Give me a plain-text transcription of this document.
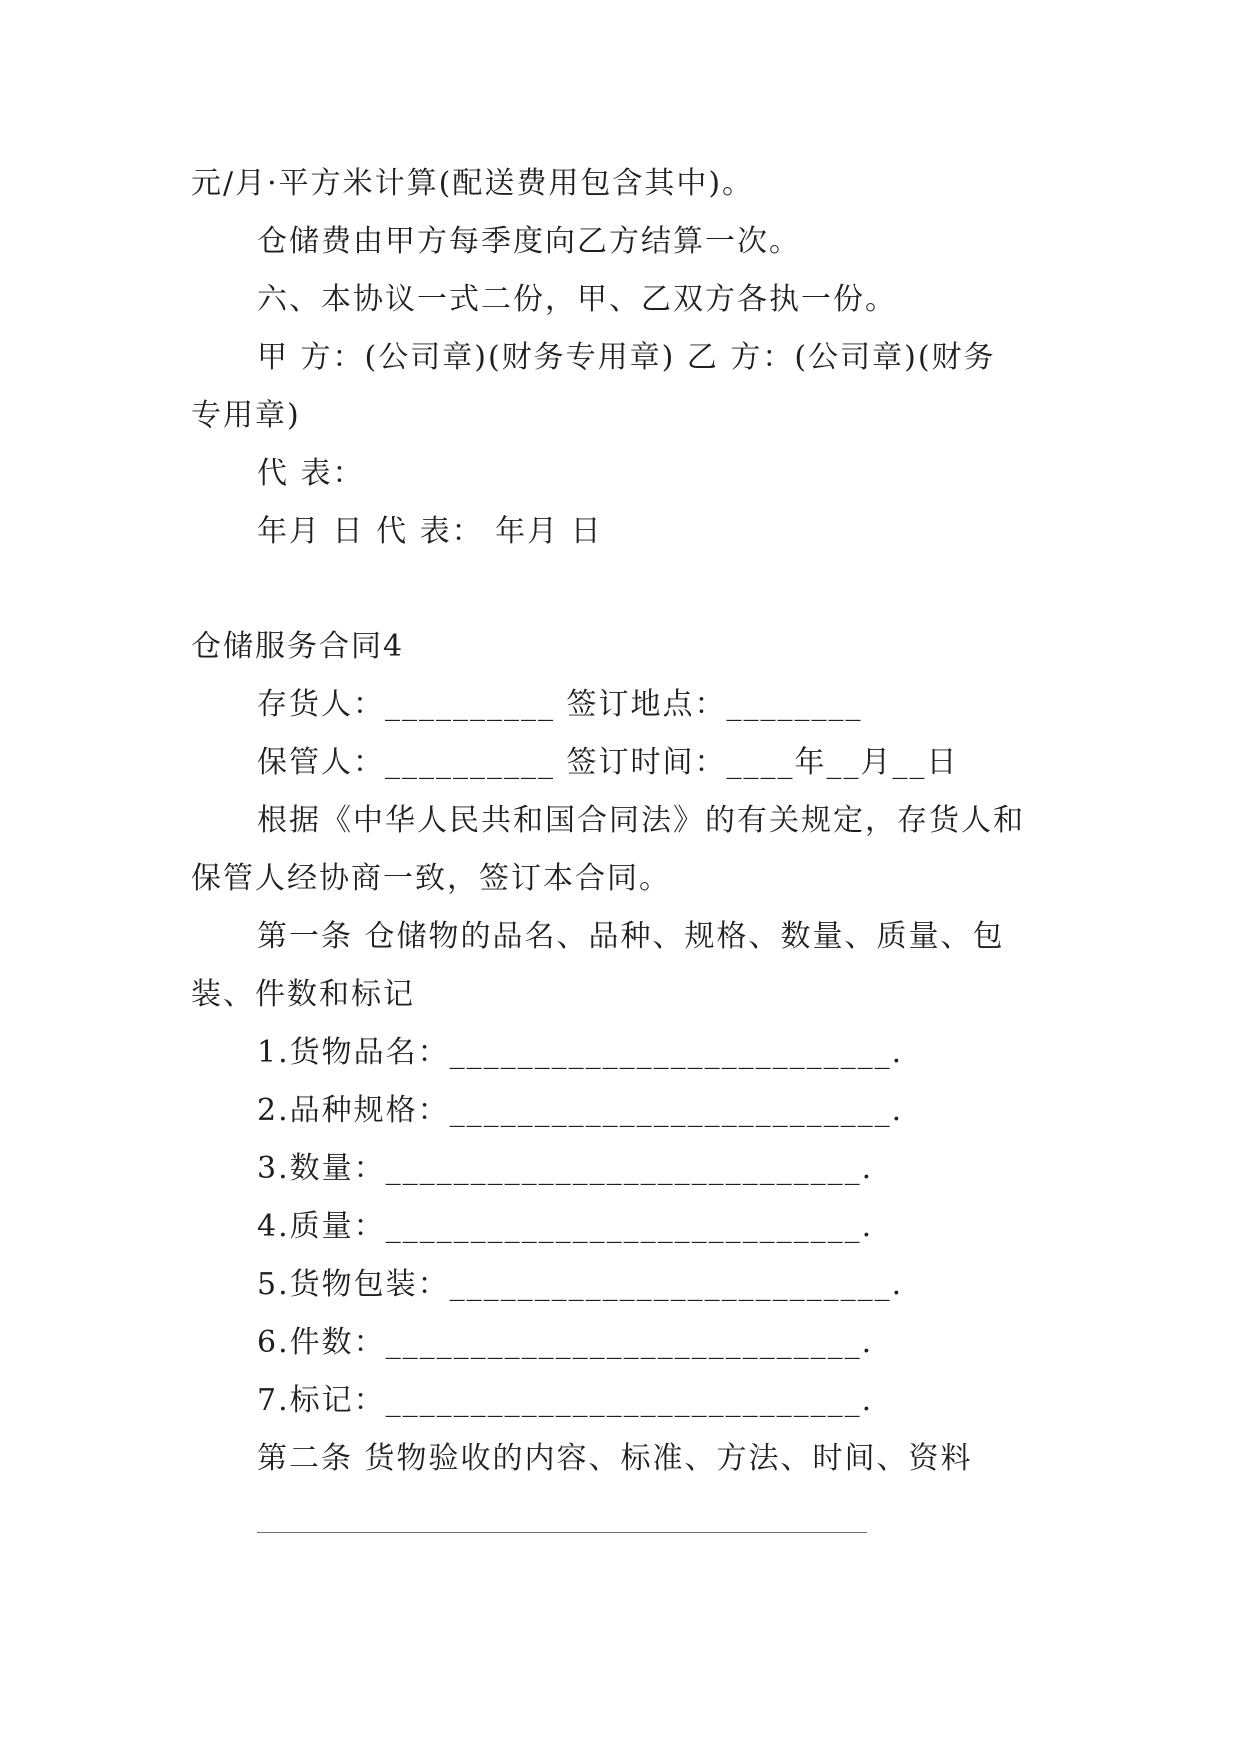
元/月·平方米计算(配送费用包含其中)。
仓储费由甲方每季度向乙方结算一次。
六、本协议一式二份，甲、乙双方各执一份。
甲 方：(公司章)(财务专用章) 乙 方：(公司章)(财务
专用章)
代 表：
年月 日 代 表： 年月 日
仓储服务合同4
存货人：__________ 签订地点：________
保管人：__________ 签订时间：____年__月__日
根据《中华人民共和国合同法》的有关规定，存货人和
保管人经协商一致，签订本合同。
第一条 仓储物的品名、品种、规格、数量、质量、包
装、件数和标记
1.货物品名：__________________________.
2.品种规格：__________________________.
3.数量：____________________________.
4.质量：____________________________.
5.货物包装：__________________________.
6.件数：____________________________.
7.标记：____________________________.
第二条 货物验收的内容、标准、方法、时间、资料
